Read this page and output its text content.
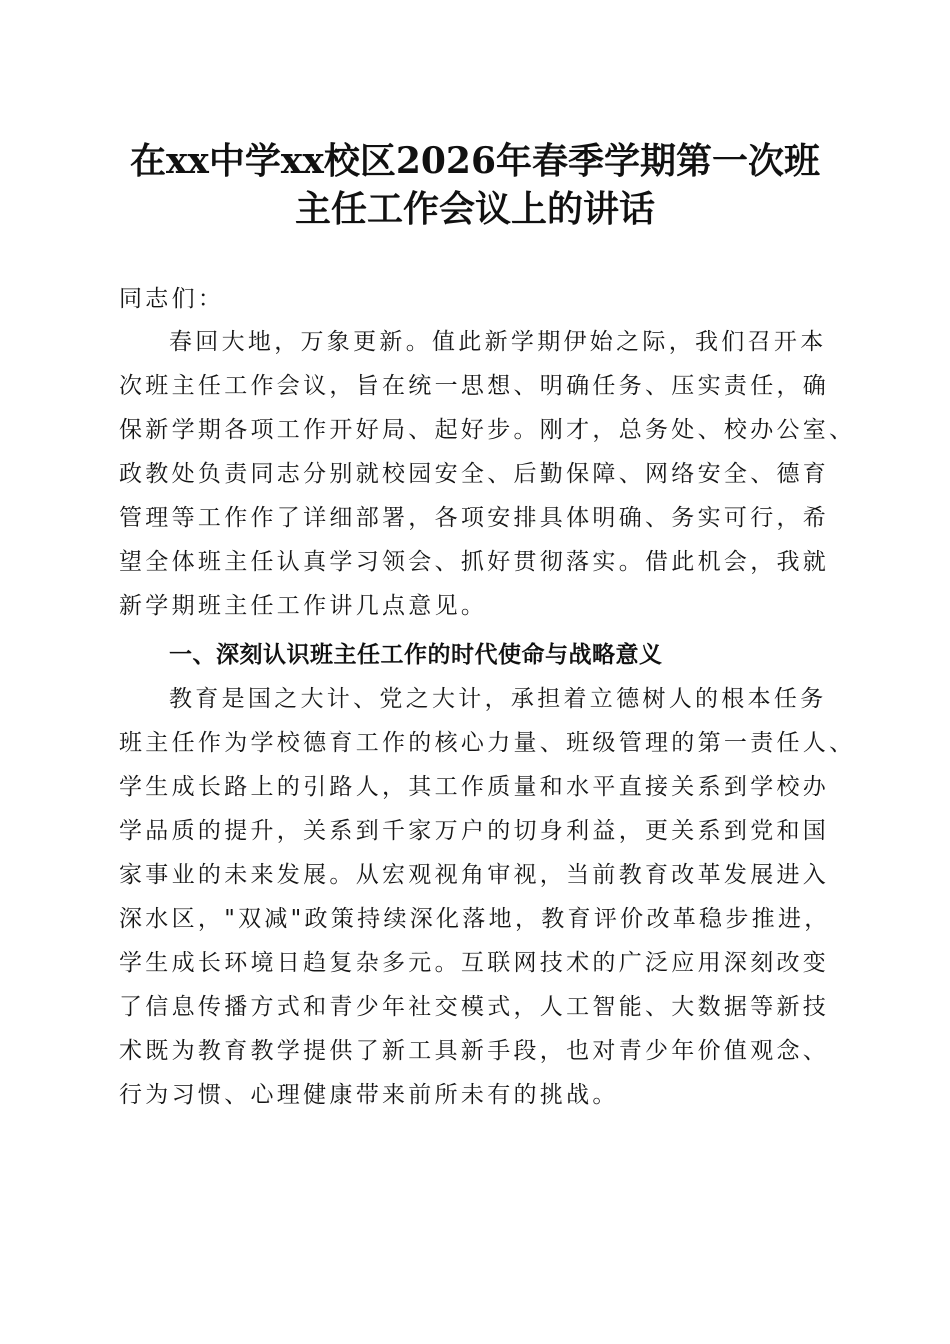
在xx中学xx校区2026年春季学期第一次班
主任工作会议上的讲话
同志们：
春回大地，万象更新。值此新学期伊始之际，我们召开本
次班主任工作会议，旨在统一思想、明确任务、压实责任，确
保新学期各项工作开好局、起好步。刚才，总务处、校办公室、
政教处负责同志分别就校园安全、后勤保障、网络安全、德育
管理等工作作了详细部署，各项安排具体明确、务实可行，希
望全体班主任认真学习领会、抓好贯彻落实。借此机会，我就
新学期班主任工作讲几点意见。
一、深刻认识班主任工作的时代使命与战略意义
教育是国之大计、党之大计，承担着立德树人的根本任务
班主任作为学校德育工作的核心力量、班级管理的第一责任人、
学生成长路上的引路人，其工作质量和水平直接关系到学校办
学品质的提升，关系到千家万户的切身利益，更关系到党和国
家事业的未来发展。从宏观视角审视，当前教育改革发展进入
深水区，"双减"政策持续深化落地，教育评价改革稳步推进，
学生成长环境日趋复杂多元。互联网技术的广泛应用深刻改变
了信息传播方式和青少年社交模式，人工智能、大数据等新技
术既为教育教学提供了新工具新手段，也对青少年价值观念、
行为习惯、心理健康带来前所未有的挑战。
